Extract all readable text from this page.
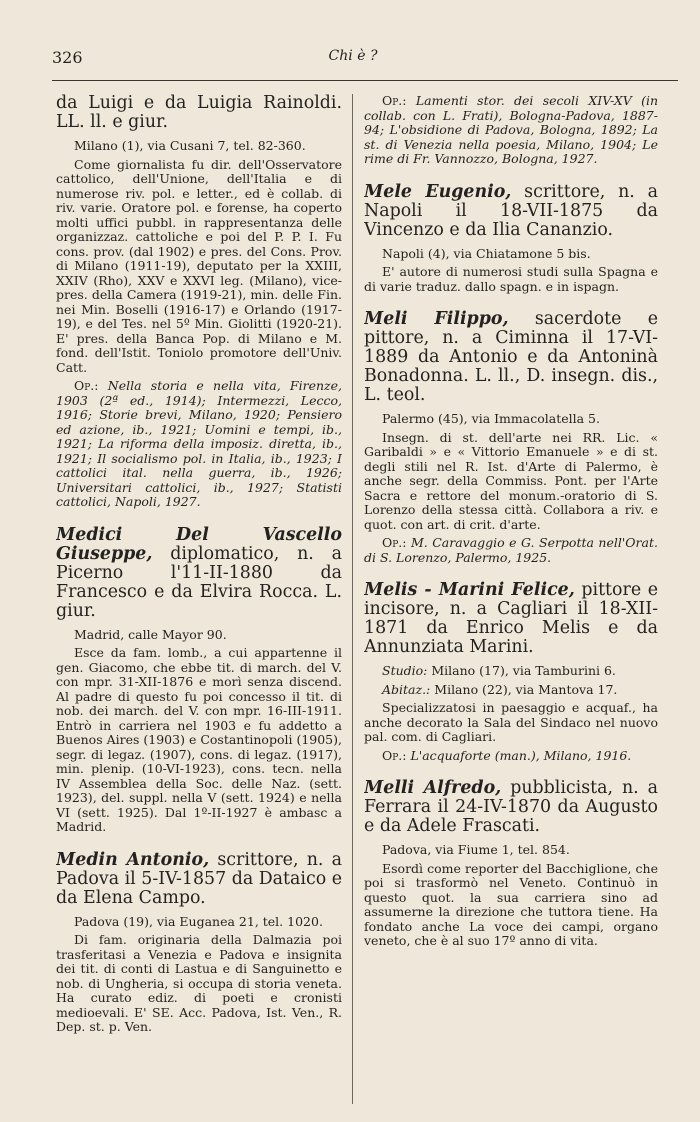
326	Chi è ?

da Luigi e da Luigia Rainoldi. LL. ll. e giur.

Milano (1), via Cusani 7, tel. 82-360.

Come giornalista fu dir. dell'Osservatore cattolico, dell'Unione, dell'Italia e di numerose riv. pol. e letter., ed è collab. di riv. varie. Oratore pol. e forense, ha coperto molti uffici pubbl. in rappresentanza delle organizzaz. cattoliche e poi del P. P. I. Fu cons. prov. (dal 1902) e pres. del Cons. Prov. di Milano (1911-19), deputato per la XXIII, XXIV (Rho), XXV e XXVI leg. (Milano), vice-pres. della Camera (1919-21), min. delle Fin. nei Min. Boselli (1916-17) e Orlando (1917-19), e del Tes. nel 5º Min. Giolitti (1920-21). E' pres. della Banca Pop. di Milano e M. fond. dell'Istit. Toniolo promotore dell'Univ. Catt.

Op.: Nella storia e nella vita, Firenze, 1903 (2ª ed., 1914); Intermezzi, Lecco, 1916; Storie brevi, Milano, 1920; Pensiero ed azione, ib., 1921; Uomini e tempi, ib., 1921; La riforma della imposiz. diretta, ib., 1921; Il socialismo pol. in Italia, ib., 1923; I cattolici ital. nella guerra, ib., 1926; Universitari cattolici, ib., 1927; Statisti cattolici, Napoli, 1927.

Medici Del Vascello Giuseppe, diplomatico, n. a Picerno l'11-II-1880 da Francesco e da Elvira Rocca. L. giur.

Madrid, calle Mayor 90.

Esce da fam. lomb., a cui appartenne il gen. Giacomo, che ebbe tit. di march. del V. con mpr. 31-XII-1876 e morì senza discend. Al padre di questo fu poi concesso il tit. di nob. dei march. del V. con mpr. 16-III-1911. Entrò in carriera nel 1903 e fu addetto a Buenos Aires (1903) e Costantinopoli (1905), segr. di legaz. (1907), cons. di legaz. (1917), min. plenip. (10-VI-1923), cons. tecn. nella IV Assemblea della Soc. delle Naz. (sett. 1923), del. suppl. nella V (sett. 1924) e nella VI (sett. 1925). Dal 1º-II-1927 è ambasc a Madrid.

Medin Antonio, scrittore, n. a Padova il 5-IV-1857 da Dataico e da Elena Campo.

Padova (19), via Euganea 21, tel. 1020.

Di fam. originaria della Dalmazia poi trasferitasi a Venezia e Padova e insignita dei tit. di conti di Lastua e di Sanguinetto e nob. di Ungheria, si occupa di storia veneta. Ha curato ediz. di poeti e cronisti medioevali. E' SE. Acc. Padova, Ist. Ven., R. Dep. st. p. Ven.

Op.: Lamenti stor. dei secoli XIV-XV (in collab. con L. Frati), Bologna-Padova, 1887-94; L'obsidione di Padova, Bologna, 1892; La st. di Venezia nella poesia, Milano, 1904; Le rime di Fr. Vannozzo, Bologna, 1927.

Mele Eugenio, scrittore, n. a Napoli il 18-VII-1875 da Vincenzo e da Ilia Cananzio.

Napoli (4), via Chiatamone 5 bis.

E' autore di numerosi studi sulla Spagna e di varie traduz. dallo spagn. e in ispagn.

Meli Filippo, sacerdote e pittore, n. a Ciminna il 17-VI-1889 da Antonio e da Antoninà Bonadonna. L. ll., D. insegn. dis., L. teol.

Palermo (45), via Immacolatella 5.

Insegn. di st. dell'arte nei RR. Lic. « Garibaldi » e « Vittorio Emanuele » e di st. degli stili nel R. Ist. d'Arte di Palermo, è anche segr. della Commiss. Pont. per l'Arte Sacra e rettore del monum.-oratorio di S. Lorenzo della stessa città. Collabora a riv. e quot. con art. di crit. d'arte.

Op.: M. Caravaggio e G. Serpotta nell'Orat. di S. Lorenzo, Palermo, 1925.

Melis - Marini Felice, pittore e incisore, n. a Cagliari il 18-XII-1871 da Enrico Melis e da Annunziata Marini.

Studio: Milano (17), via Tamburini 6.

Abitaz.: Milano (22), via Mantova 17.

Specializzatosi in paesaggio e acquaf., ha anche decorato la Sala del Sindaco nel nuovo pal. com. di Cagliari.

Op.: L'acquaforte (man.), Milano, 1916.

Melli Alfredo, pubblicista, n. a Ferrara il 24-IV-1870 da Augusto e da Adele Frascati.

Padova, via Fiume 1, tel. 854.

Esordì come reporter del Bacchiglione, che poi si trasformò nel Veneto. Continuò in questo quot. la sua carriera sino ad assumerne la direzione che tuttora tiene. Ha fondato anche La voce dei campi, organo veneto, che è al suo 17º anno di vita.
